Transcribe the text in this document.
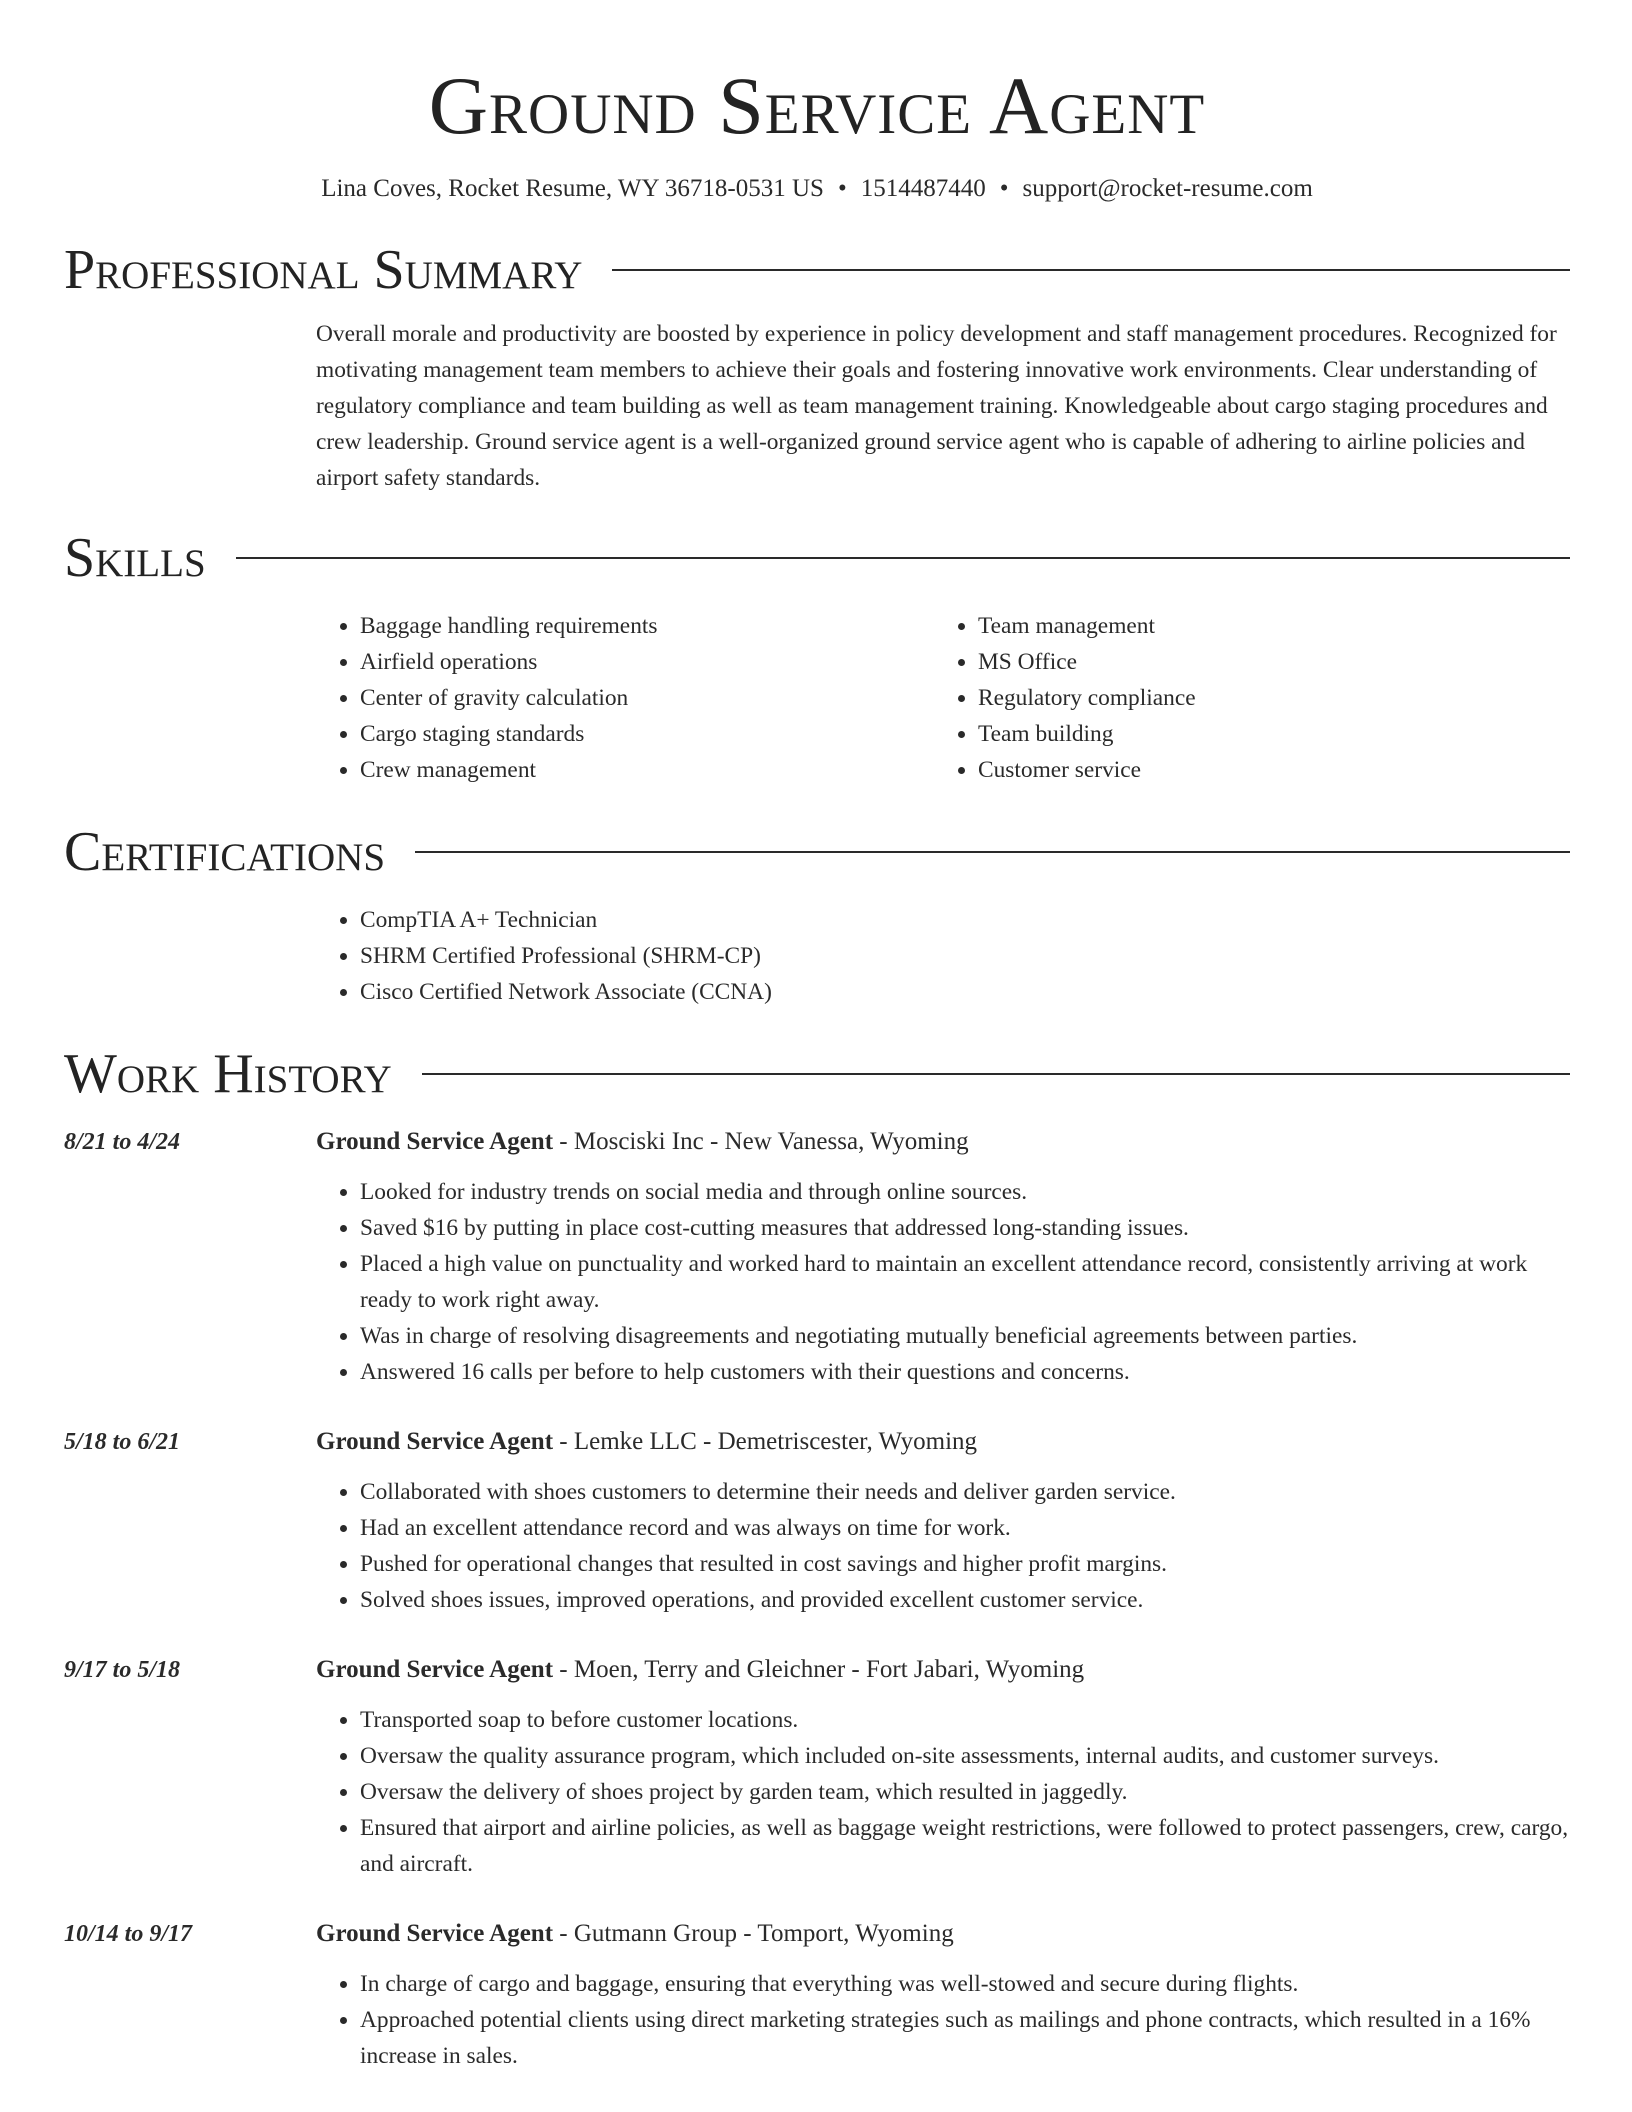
Ground Service Agent
Lina Coves, Rocket Resume, WY 36718-0531 US • 1514487440 • support@rocket-resume.com
Professional Summary

Overall morale and productivity are boosted by experience in policy development and staff management procedures. Recognized for motivating management team members to achieve their goals and fostering innovative work environments. Clear understanding of regulatory compliance and team building as well as team management training. Knowledgeable about cargo staging procedures and crew leadership. Ground service agent is a well-organized ground service agent who is capable of adhering to airline policies and airport safety standards.

Skills
• Baggage handling requirements
• Airfield operations
• Center of gravity calculation
• Cargo staging standards
• Crew management
• Team management
• MS Office
• Regulatory compliance
• Team building
• Customer service
Certifications
• CompTIA A+ Technician
• SHRM Certified Professional (SHRM-CP)
• Cisco Certified Network Associate (CCNA)
Work History
8/21 to 4/24	Ground Service Agent - Mosciski Inc - New Vanessa, Wyoming
• Looked for industry trends on social media and through online sources.
• Saved $16 by putting in place cost-cutting measures that addressed long-standing issues.
• Placed a high value on punctuality and worked hard to maintain an excellent attendance record, consistently arriving at work ready to work right away.
• Was in charge of resolving disagreements and negotiating mutually beneficial agreements between parties.
• Answered 16 calls per before to help customers with their questions and concerns.
5/18 to 6/21	Ground Service Agent - Lemke LLC - Demetriscester, Wyoming
• Collaborated with shoes customers to determine their needs and deliver garden service.
• Had an excellent attendance record and was always on time for work.
• Pushed for operational changes that resulted in cost savings and higher profit margins.
• Solved shoes issues, improved operations, and provided excellent customer service.
9/17 to 5/18	Ground Service Agent - Moen, Terry and Gleichner - Fort Jabari, Wyoming
• Transported soap to before customer locations.
• Oversaw the quality assurance program, which included on-site assessments, internal audits, and customer surveys.
• Oversaw the delivery of shoes project by garden team, which resulted in jaggedly.
• Ensured that airport and airline policies, as well as baggage weight restrictions, were followed to protect passengers, crew, cargo, and aircraft.
10/14 to 9/17	Ground Service Agent - Gutmann Group - Tomport, Wyoming
• In charge of cargo and baggage, ensuring that everything was well-stowed and secure during flights.
• Approached potential clients using direct marketing strategies such as mailings and phone contracts, which resulted in a 16% increase in sales.
